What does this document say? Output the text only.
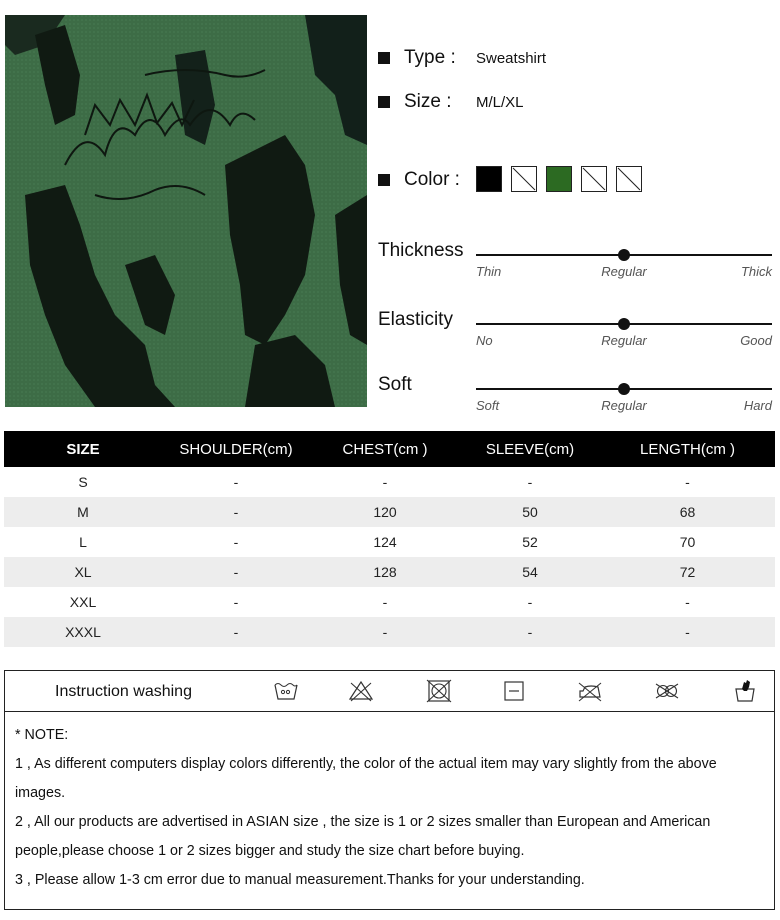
Type :	Sweatshirt
Size :	M/L/XL
Color :
Thickness
Thin	Regular	Thick
Elasticity
No	Regular	Good
Soft
Soft	Regular	Hard
SIZE	SHOULDER(cm)	CHEST(cm )	SLEEVE(cm)	LENGTH(cm )
S	-	-	-	-
M	-	120	50	68
L	-	124	52	70
XL	-	128	54	72
XXL	-	-	-	-
XXXL	-	-	-	-
Instruction washing
* NOTE:
1 , As different computers display colors differently, the color of the actual item may vary slightly from the above images.
2 , All our products are advertised in ASIAN size , the size is 1 or 2 sizes smaller than European and American people,please choose 1 or 2 sizes bigger and study the size chart before buying.
3 , Please allow 1-3 cm error due to manual measurement.Thanks for your understanding.
